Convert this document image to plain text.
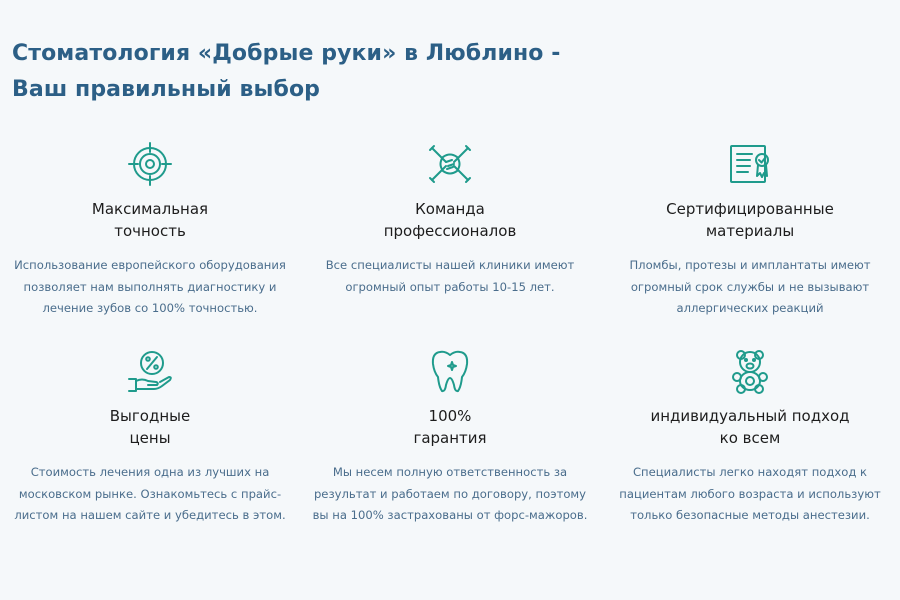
Стоматология «Добрые руки» в Люблино -
Ваш правильный выбор
Максимальная
точность
Использование европейского оборудования
позволяет нам выполнять диагностику и
лечение зубов со 100% точностью.
Команда
профессионалов
Все специалисты нашей клиники имеют
огромный опыт работы 10-15 лет.
Сертифицированные
материалы
Пломбы, протезы и имплантаты имеют
огромный срок службы и не вызывают
аллергических реакций
Выгодные
цены
Стоимость лечения одна из лучших на
московском рынке. Ознакомьтесь с прайс-
листом на нашем сайте и убедитесь в этом.
100%
гарантия
Мы несем полную ответственность за
результат и работаем по договору, поэтому
вы на 100% застрахованы от форс-мажоров.
индивидуальный подход
ко всем
Специалисты легко находят подход к
пациентам любого возраста и используют
только безопасные методы анестезии.
